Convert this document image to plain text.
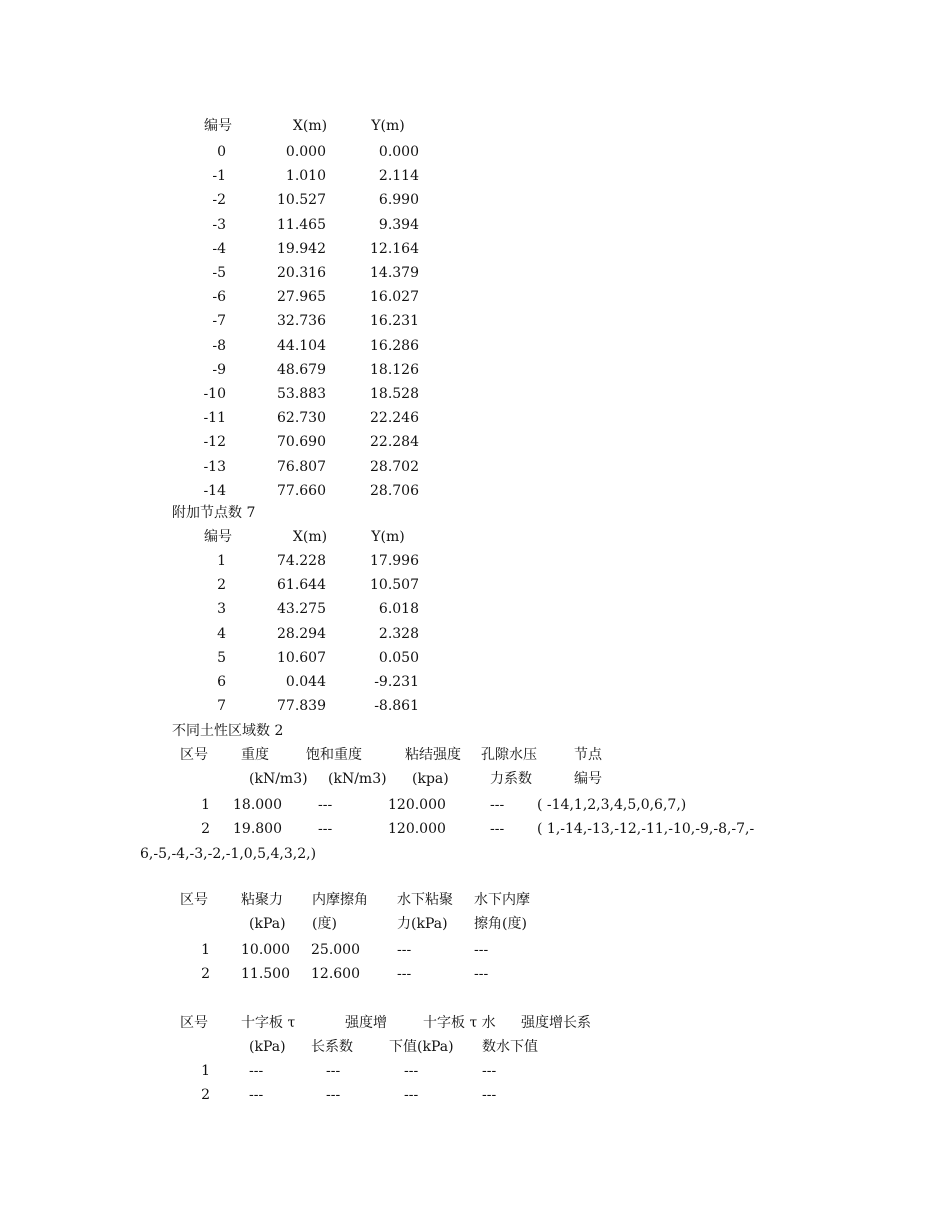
编号	X(m)	Y(m)
0	0.000	0.000
-1	1.010	2.114
-2	10.527	6.990
-3	11.465	9.394
-4	19.942	12.164
-5	20.316	14.379
-6	27.965	16.027
-7	32.736	16.231
-8	44.104	16.286
-9	48.679	18.126
-10	53.883	18.528
-11	62.730	22.246
-12	70.690	22.284
-13	76.807	28.702
-14	77.660	28.706
附加节点数 7
编号	X(m)	Y(m)
1	74.228	17.996
2	61.644	10.507
3	43.275	6.018
4	28.294	2.328
5	10.607	0.050
6	0.044	-9.231
7	77.839	-8.861
不同土性区域数 2
区号 重度	饱和重度	粘结强度 孔隙水压	节点
(kN/m3) (kN/m3) (kpa)	力系数	编号
1 18.000	---	120.000	--- ( -14,1,2,3,4,5,0,6,7,)
2 19.800	---	120.000	--- ( 1,-14,-13,-12,-11,-10,-9,-8,-7,-
6,-5,-4,-3,-2,-1,0,5,4,3,2,)
区号 粘聚力 内摩擦角 水下粘聚 水下内摩
(kPa) (度)	力(kPa) 擦角(度)
1 10.000 25.000	---	---
2 11.500 12.600	---	---
区号 十字板 τ	强度增	十字板 τ 水 强度增长系
(kPa) 长系数	下值(kPa) 数水下值
1	---	---	---	---
2	---	---	---	---
